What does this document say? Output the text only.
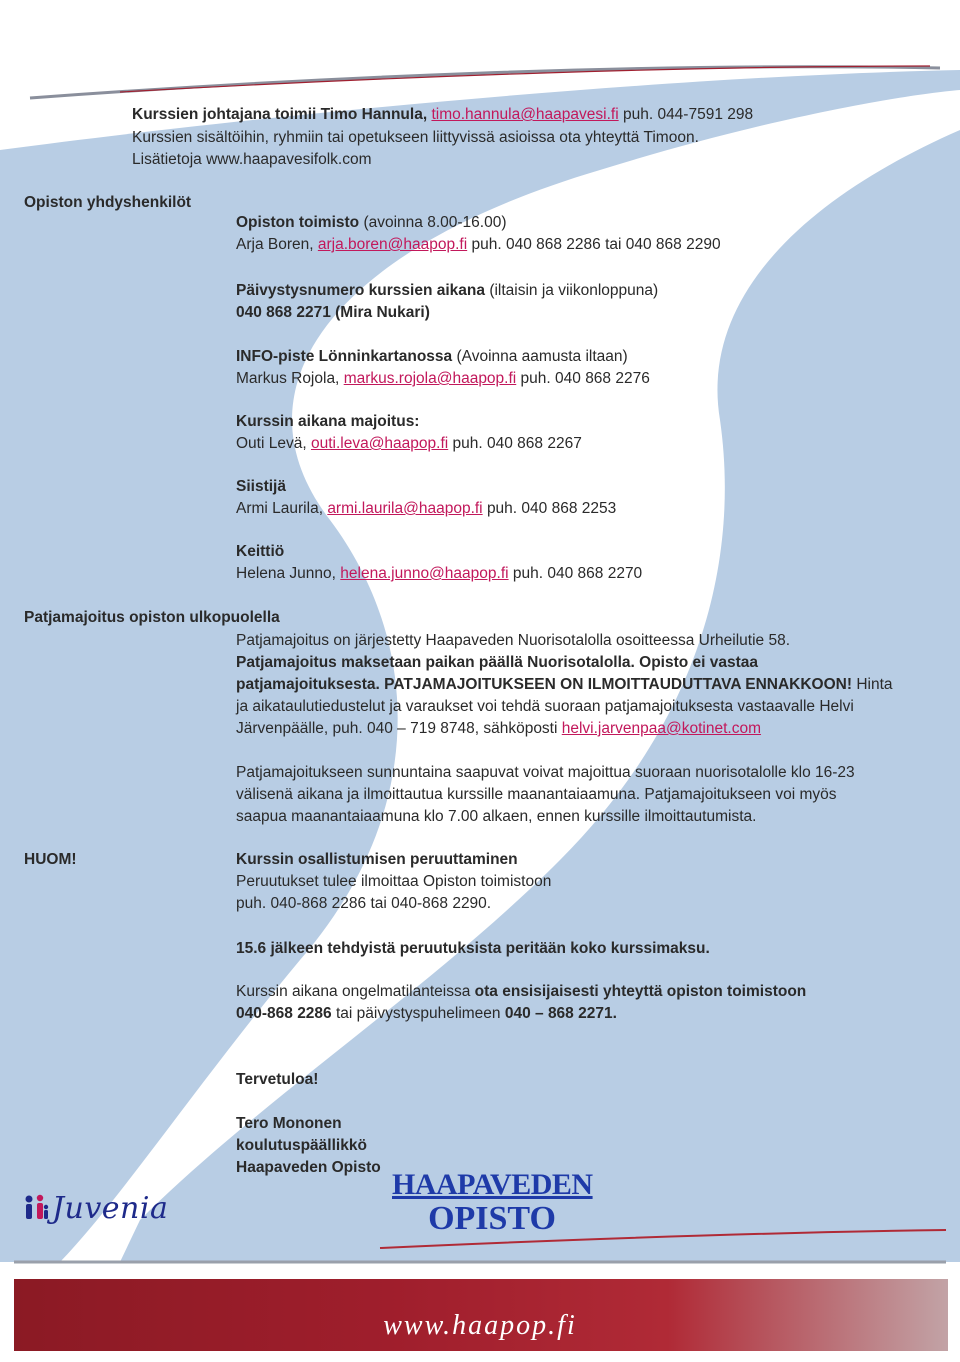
Kurssien johtajana toimii Timo Hannula, timo.hannula@haapavesi.fi puh. 044-7591 298
Kurssien sisältöihin, ryhmiin tai opetukseen liittyvissä asioissa ota yhteyttä Timoon.
Lisätietoja www.haapavesifolk.com
Opiston yhdyshenkilöt

Opiston toimisto (avoinna 8.00-16.00)

Arja Boren, arja.boren@haapop.fi puh. 040 868 2286 tai 040 868 2290

Päivystysnumero kurssien aikana (iltaisin ja viikonloppuna)

040 868 2271 (Mira Nukari)

INFO-piste Lönninkartanossa (Avoinna aamusta iltaan)

Markus Rojola, markus.rojola@haapop.fi puh. 040 868 2276

Kurssin aikana majoitus:

Outi Levä, outi.leva@haapop.fi puh. 040 868 2267

Siistijä

Armi Laurila, armi.laurila@haapop.fi puh. 040 868 2253

Keittiö

Helena Junno, helena.junno@haapop.fi puh. 040 868 2270

Patjamajoitus opiston ulkopuolella

Patjamajoitus on järjestetty Haapaveden Nuorisotalolla osoitteessa Urheilutie 58.

Patjamajoitus maksetaan paikan päällä Nuorisotalolla. Opisto ei vastaa

patjamajoituksesta. PATJAMAJOITUKSEEN ON ILMOITTAUDUTTAVA ENNAKKOON! Hinta

ja aikataulutiedustelut ja varaukset voi tehdä suoraan patjamajoituksesta vastaavalle Helvi

Järvenpäälle, puh. 040 – 719 8748, sähköposti helvi.jarvenpaa@kotinet.com

Patjamajoitukseen sunnuntaina saapuvat voivat majoittua suoraan nuorisotalolle klo 16-23

välisenä aikana ja ilmoittautua kurssille maanantaiaamuna. Patjamajoitukseen voi myös

saapua maanantaiaamuna klo 7.00 alkaen, ennen kurssille ilmoittautumista.

HUOM!	Kurssin osallistumisen peruuttaminen

Peruutukset tulee ilmoittaa Opiston toimistoon

puh. 040-868 2286 tai 040-868 2290.

15.6 jälkeen tehdyistä peruutuksista peritään koko kurssimaksu.

Kurssin aikana ongelmatilanteissa ota ensisijaisesti yhteyttä opiston toimistoon

040-868 2286 tai päivystyspuhelimeen 040 – 868 2271.

Tervetuloa!

Tero Mononen

koulutuspäällikkö

Haapaveden Opisto

Juvenia
HAAPAVEDEN
OPISTO
www.haapop.fi
